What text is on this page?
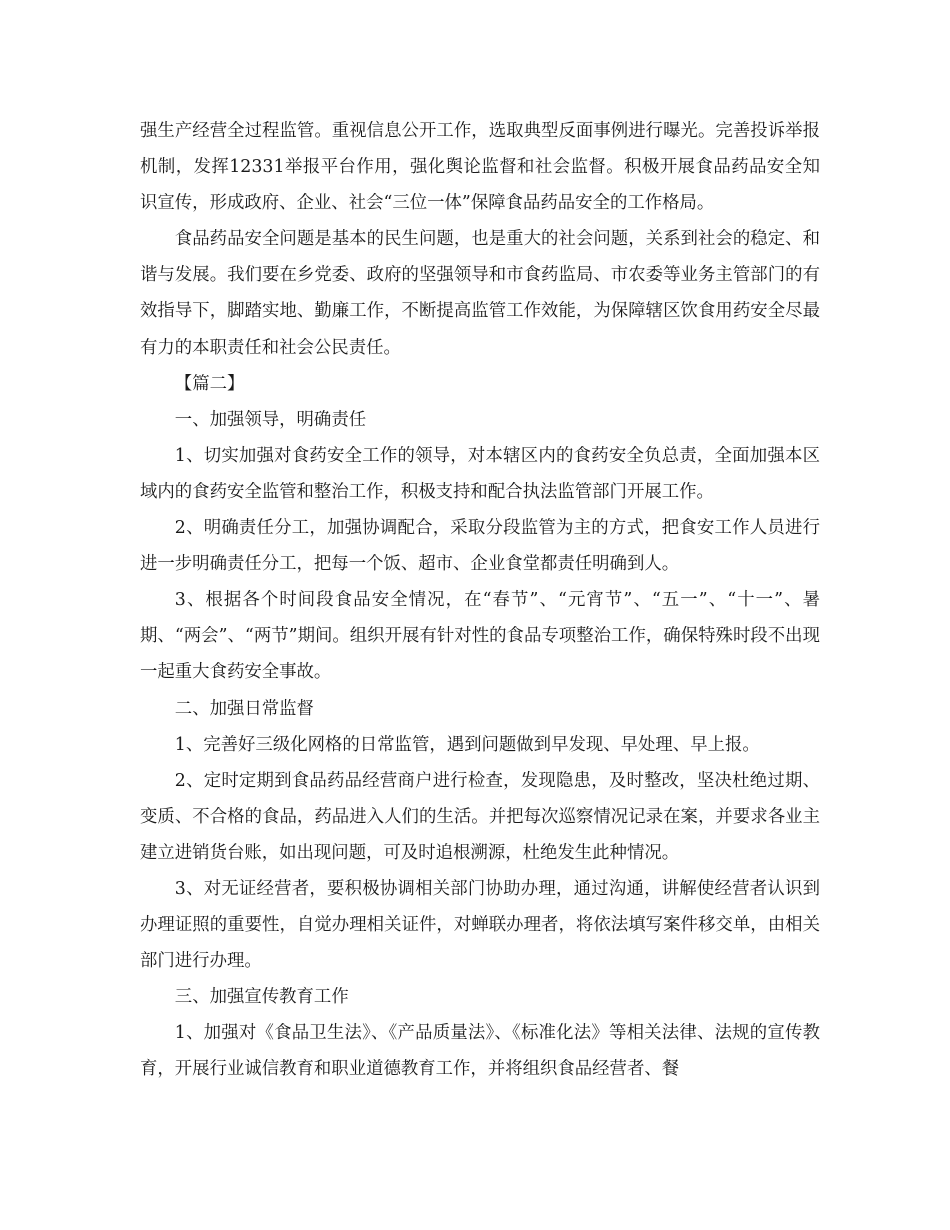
强生产经营全过程监管。重视信息公开工作，选取典型反面事例进行曝光。完善投诉举报机制，发挥12331举报平台作用，强化舆论监督和社会监督。积极开展食品药品安全知识宣传，形成政府、企业、社会“三位一体”保障食品药品安全的工作格局。

食品药品安全问题是基本的民生问题，也是重大的社会问题，关系到社会的稳定、和谐与发展。我们要在乡党委、政府的坚强领导和市食药监局、市农委等业务主管部门的有效指导下，脚踏实地、勤廉工作，不断提高监管工作效能，为保障辖区饮食用药安全尽最有力的本职责任和社会公民责任。

【篇二】

一、加强领导，明确责任

1、切实加强对食药安全工作的领导，对本辖区内的食药安全负总责，全面加强本区域内的食药安全监管和整治工作，积极支持和配合执法监管部门开展工作。

2、明确责任分工，加强协调配合，采取分段监管为主的方式，把食安工作人员进行进一步明确责任分工，把每一个饭、超市、企业食堂都责任明确到人。

3、根据各个时间段食品安全情况，在“春节”、“元宵节”、“五一”、“十一”、暑期、“两会”、“两节”期间。组织开展有针对性的食品专项整治工作，确保特殊时段不出现一起重大食药安全事故。

二、加强日常监督

1、完善好三级化网格的日常监管，遇到问题做到早发现、早处理、早上报。

2、定时定期到食品药品经营商户进行检查，发现隐患，及时整改，坚决杜绝过期、变质、不合格的食品，药品进入人们的生活。并把每次巡察情况记录在案，并要求各业主建立进销货台账，如出现问题，可及时追根溯源，杜绝发生此种情况。

3、对无证经营者，要积极协调相关部门协助办理，通过沟通，讲解使经营者认识到办理证照的重要性，自觉办理相关证件，对蝉联办理者，将依法填写案件移交单，由相关部门进行办理。

三、加强宣传教育工作

1、加强对《食品卫生法》、《产品质量法》、《标准化法》等相关法律、法规的宣传教育，开展行业诚信教育和职业道德教育工作，并将组织食品经营者、餐
